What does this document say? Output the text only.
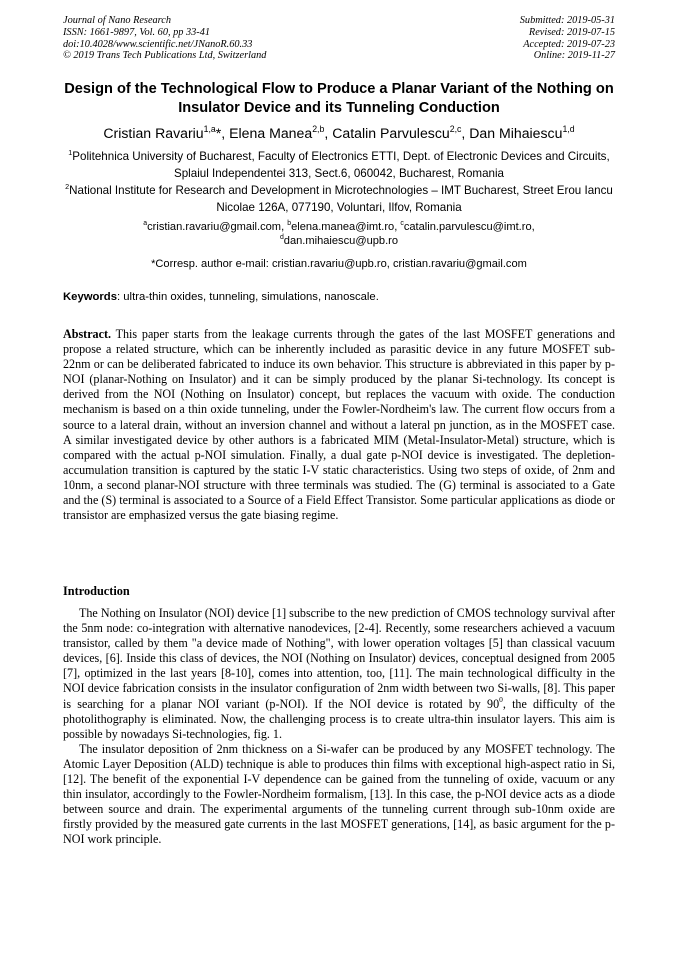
Journal of Nano Research
ISSN: 1661-9897, Vol. 60, pp 33-41
doi:10.4028/www.scientific.net/JNanoR.60.33
© 2019 Trans Tech Publications Ltd, Switzerland
Submitted: 2019-05-31
Revised: 2019-07-15
Accepted: 2019-07-23
Online: 2019-11-27
Design of the Technological Flow to Produce a Planar Variant of the Nothing on Insulator Device and its Tunneling Conduction
Cristian Ravariu$^{1,a}$*, Elena Manea$^{2,b}$, Catalin Parvulescu$^{2,c}$, Dan Mihaiescu$^{1,d}$
$^1$Politehnica University of Bucharest, Faculty of Electronics ETTI, Dept. of Electronic Devices and Circuits, Splaiul Independentei 313, Sect.6, 060042, Bucharest, Romania
$^2$National Institute for Research and Development in Microtechnologies – IMT Bucharest, Street Erou Iancu Nicolae 126A, 077190, Voluntari, Ilfov, Romania
$^a$cristian.ravariu@gmail.com, $^b$elena.manea@imt.ro, $^c$catalin.parvulescu@imt.ro,
$^d$dan.mihaiescu@upb.ro
*Corresp. author e-mail: cristian.ravariu@upb.ro, cristian.ravariu@gmail.com
Keywords: ultra-thin oxides, tunneling, simulations, nanoscale.
Abstract. This paper starts from the leakage currents through the gates of the last MOSFET generations and propose a related structure, which can be inherently included as parasitic device in any future MOSFET sub-22nm or can be deliberated fabricated to induce its own behavior. This structure is abbreviated in this paper by p-NOI (planar-Nothing on Insulator) and it can be simply produced by the planar Si-technology. Its concept is derived from the NOI (Nothing on Insulator) concept, but replaces the vacuum with oxide. The conduction mechanism is based on a thin oxide tunneling, under the Fowler-Nordheim's law. The current flow occurs from a source to a lateral drain, without an inversion channel and without a lateral pn junction, as in the MOSFET case. A similar investigated device by other authors is a fabricated MIM (Metal-Insulator-Metal) structure, which is compared with the actual p-NOI simulation. Finally, a dual gate p-NOI device is investigated. The depletion-accumulation transition is captured by the static I-V static characteristics. Using two steps of oxide, of 2nm and 10nm, a second planar-NOI structure with three terminals was studied. The (G) terminal is associated to a Gate and the (S) terminal is associated to a Source of a Field Effect Transistor. Some particular applications as diode or transistor are emphasized versus the gate biasing regime.
Introduction

The Nothing on Insulator (NOI) device [1] subscribe to the new prediction of CMOS technology survival after the 5nm node: co-integration with alternative nanodevices, [2-4]. Recently, some researchers achieved a vacuum transistor, called by them "a device made of Nothing", with lower operation voltages [5] than classical vacuum devices, [6]. Inside this class of devices, the NOI (Nothing on Insulator) devices, conceptual designed from 2005 [7], optimized in the last years [8-10], comes into attention, too, [11]. The main technological difficulty in the NOI device fabrication consists in the insulator configuration of 2nm width between two Si-walls, [8]. This paper is searching for a planar NOI variant (p-NOI). If the NOI device is rotated by $90^0$, the difficulty of the photolithography is eliminated. Now, the challenging process is to create ultra-thin insulator layers. This aim is possible by nowadays Si-technologies, fig. 1.

The insulator deposition of 2nm thickness on a Si-wafer can be produced by any MOSFET technology. The Atomic Layer Deposition (ALD) technique is able to produces thin films with exceptional high-aspect ratio in Si, [12]. The benefit of the exponential I-V dependence can be gained from the tunneling of oxide, vacuum or any thin insulator, accordingly to the Fowler-Nordheim formalism, [13]. In this case, the p-NOI device acts as a diode between source and drain. The experimental arguments of the tunneling current through sub-10nm oxide are firstly provided by the measured gate currents in the last MOSFET generations, [14], as basic argument for the p-NOI work principle.
